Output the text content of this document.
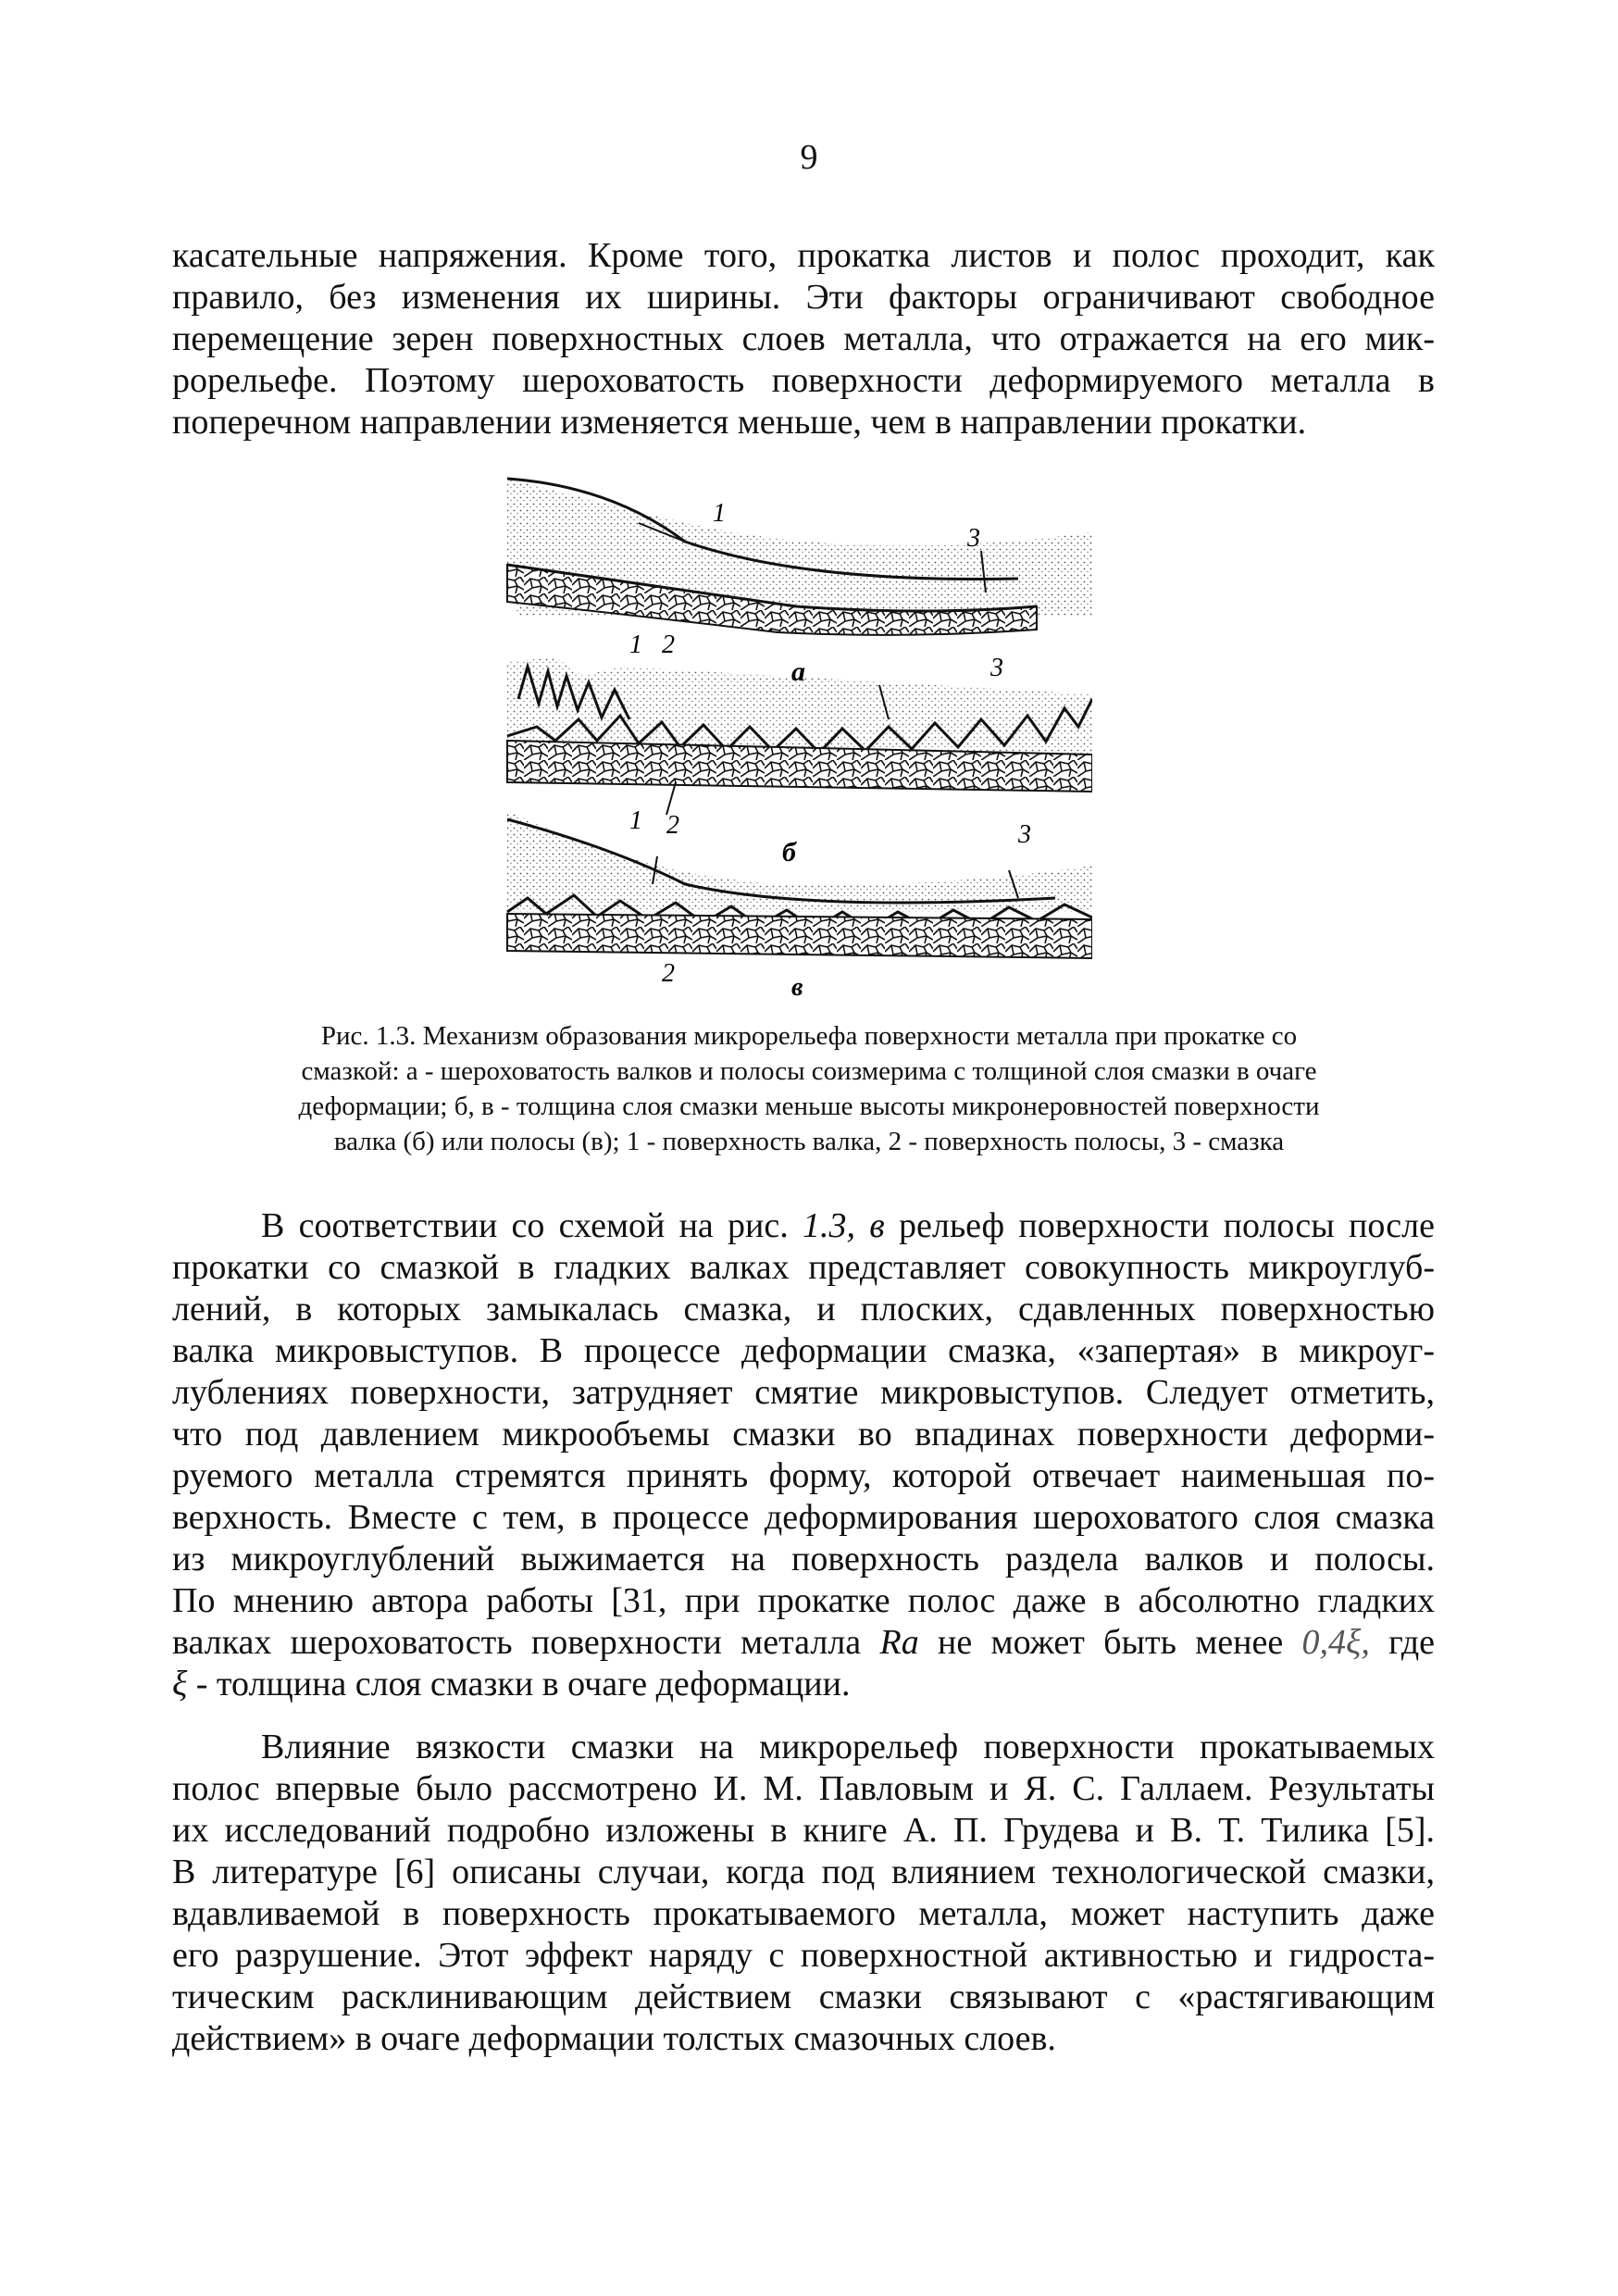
9
касательные напряжения. Кроме того, прокатка листов и полос проходит, как
правило, без изменения их ширины. Эти факторы ограничивают свободное
перемещение зерен поверхностных слоев металла, что отражается на его мик-
рорельефе. Поэтому шероховатость поверхности деформируемого металла в
поперечном направлении изменяется меньше, чем в направлении прокатки.
1
3
1 2
а	3
1 2
б
3
2	в
Рис. 1.3. Механизм образования микрорельефа поверхности металла при прокатке со
смазкой: а - шероховатость валков и полосы соизмерима с толщиной слоя смазки в очаге
деформации; б, в - толщина слоя смазки меньше высоты микронеровностей поверхности
валка (б) или полосы (в); 1 - поверхность валка, 2 - поверхность полосы, 3 - смазка
В соответствии со схемой на рис. 1.3, в рельеф поверхности полосы после
прокатки со смазкой в гладких валках представляет совокупность микроуглуб-
лений, в которых замыкалась смазка, и плоских, сдавленных поверхностью
валка микровыступов. В процессе деформации смазка, «запертая» в микроуг-
лублениях поверхности, затрудняет смятие микровыступов. Следует отметить,
что под давлением микрообъемы смазки во впадинах поверхности деформи-
руемого металла стремятся принять форму, которой отвечает наименьшая по-
верхность. Вместе с тем, в процессе деформирования шероховатого слоя смазка
из микроуглублений выжимается на поверхность раздела валков и полосы.
По мнению автора работы [31, при прокатке полос даже в абсолютно гладких
валках шероховатость поверхности металла Ra не может быть менее 0,4ξ, где
ξ - толщина слоя смазки в очаге деформации.
Влияние вязкости смазки на микрорельеф поверхности прокатываемых
полос впервые было рассмотрено И. М. Павловым и Я. С. Галлаем. Результаты
их исследований подробно изложены в книге А. П. Грудева и В. Т. Тилика [5].
В литературе [6] описаны случаи, когда под влиянием технологической смазки,
вдавливаемой в поверхность прокатываемого металла, может наступить даже
его разрушение. Этот эффект наряду с поверхностной активностью и гидроста-
тическим расклинивающим действием смазки связывают с «растягивающим
действием» в очаге деформации толстых смазочных слоев.
